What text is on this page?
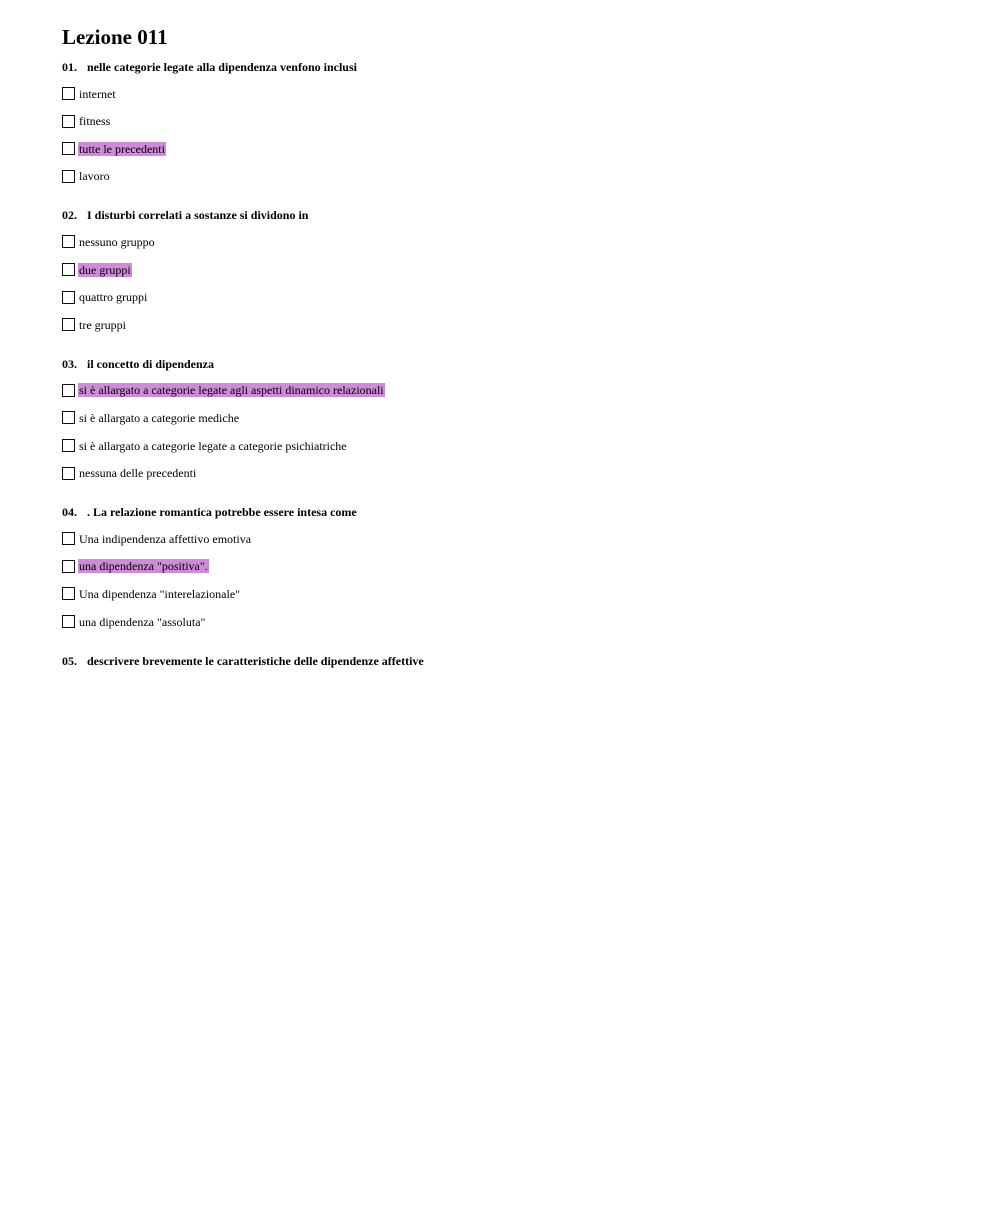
Lezione 011
01. nelle categorie legate alla dipendenza venfono inclusi
internet
fitness
tutte le precedenti
lavoro
02. I disturbi correlati a sostanze si dividono in
nessuno gruppo
due gruppi
quattro gruppi
tre gruppi
03. il concetto di dipendenza
si è allargato a categorie legate agli aspetti dinamico relazionali
si è allargato a categorie mediche
si è allargato a categorie legate a categorie psichiatriche
nessuna delle precedenti
04. . La relazione romantica potrebbe essere intesa come
Una indipendenza affettivo emotiva
una dipendenza "positiva".
Una dipendenza "interelazionale"
una dipendenza "assoluta"
05. descrivere brevemente le caratteristiche delle dipendenze affettive
